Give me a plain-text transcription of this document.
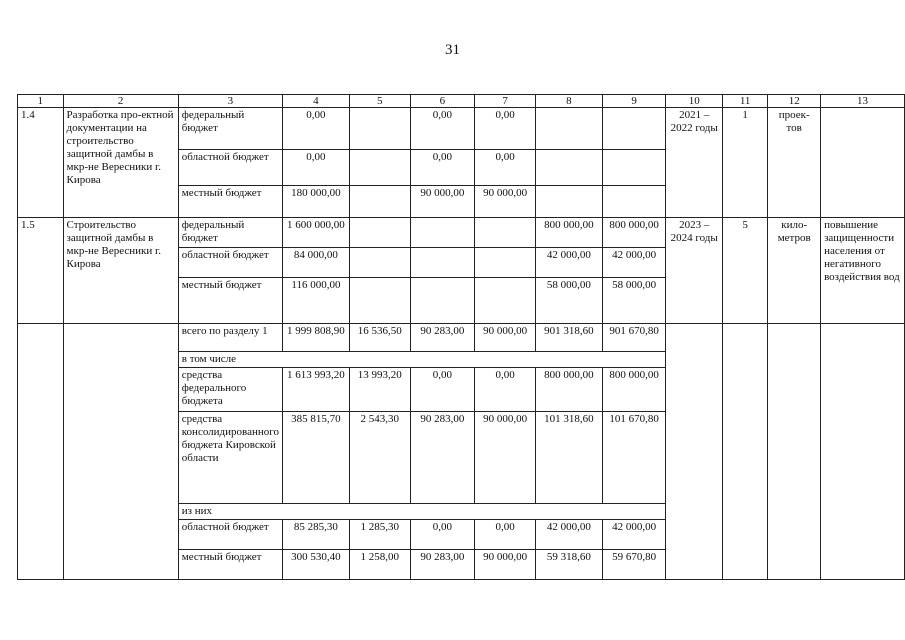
31
1	2	3	4	5	6	7	8	9	10	11	12	13
1.4	Разработка про-ектной документации на строительство защитной дамбы в мкр-не Вересники г. Кирова	федеральный бюджет	0,00		0,00	0,00			2021 – 2022 годы	1	проек-тов	
		областной бюджет	0,00		0,00	0,00						
		местный бюджет	180 000,00		90 000,00	90 000,00						
1.5	Строительство защитной дамбы в мкр-не Вересники г. Кирова	федеральный бюджет	1 600 000,00				800 000,00	800 000,00	2023 – 2024 годы	5	кило-метров	повышение защищенности населения от негативного воздействия вод
		областной бюджет	84 000,00				42 000,00	42 000,00				
		местный бюджет	116 000,00				58 000,00	58 000,00				
		всего по разделу 1	1 999 808,90	16 536,50	90 283,00	90 000,00	901 318,60	901 670,80				
		в том числе										
		средства федерального бюджета	1 613 993,20	13 993,20	0,00	0,00	800 000,00	800 000,00				
		средства консолидированного бюджета Кировской области	385 815,70	2 543,30	90 283,00	90 000,00	101 318,60	101 670,80				
		из них										
		областной бюджет	85 285,30	1 285,30	0,00	0,00	42 000,00	42 000,00				
		местный бюджет	300 530,40	1 258,00	90 283,00	90 000,00	59 318,60	59 670,80				
